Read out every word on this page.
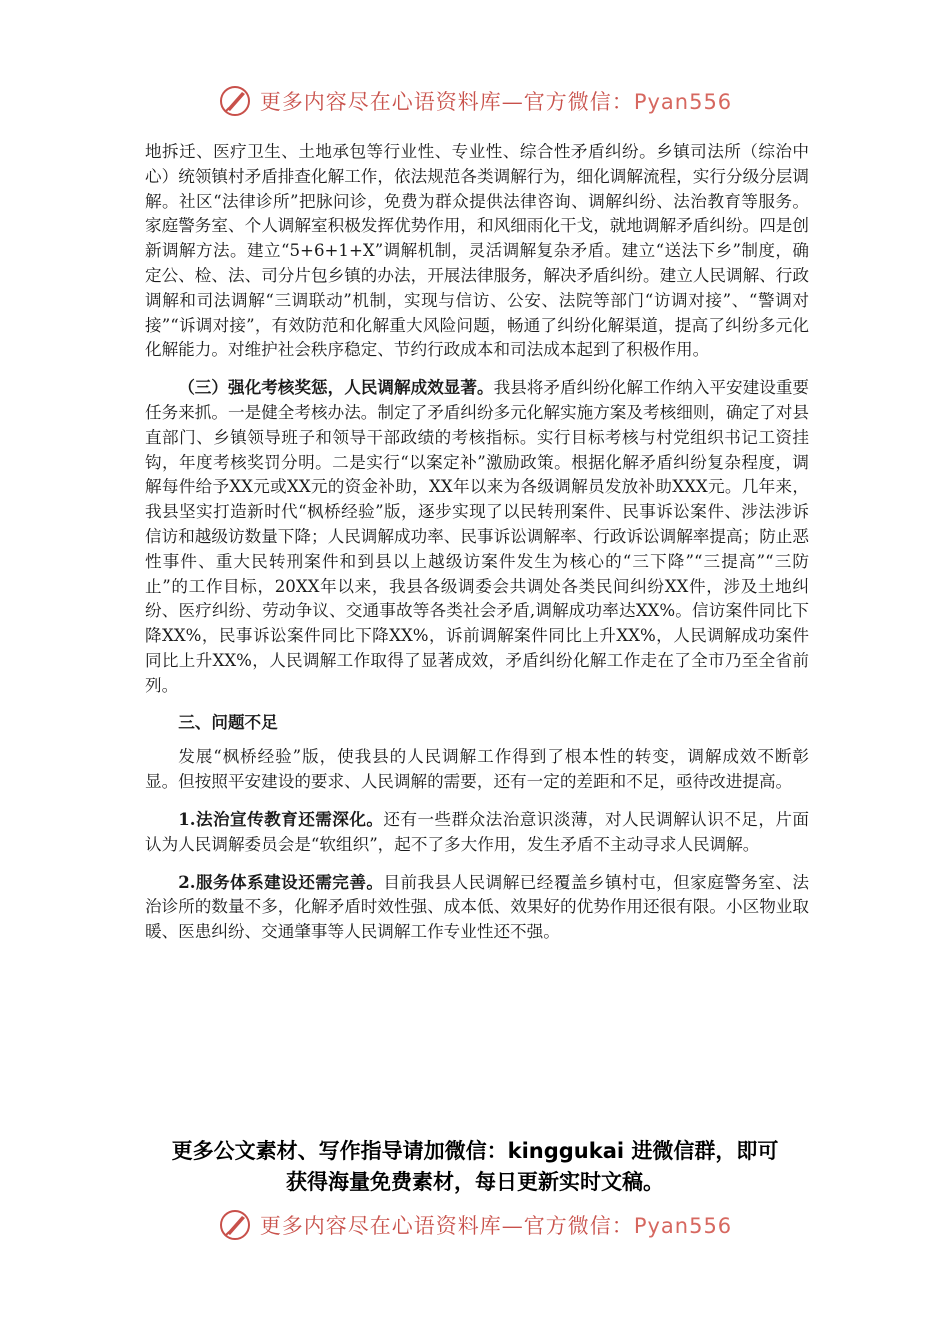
更多内容尽在心语资料库—官方微信：Pyan556

地拆迁、医疗卫生、土地承包等行业性、专业性、综合性矛盾纠纷。乡镇司法所（综治中心）统领镇村矛盾排查化解工作，依法规范各类调解行为，细化调解流程，实行分级分层调解。社区“法律诊所”把脉问诊，免费为群众提供法律咨询、调解纠纷、法治教育等服务。家庭警务室、个人调解室积极发挥优势作用，和风细雨化干戈，就地调解矛盾纠纷。四是创新调解方法。建立“5+6+1+X”调解机制，灵活调解复杂矛盾。建立“送法下乡”制度，确定公、检、法、司分片包乡镇的办法，开展法律服务，解决矛盾纠纷。建立人民调解、行政调解和司法调解“三调联动”机制，实现与信访、公安、法院等部门“访调对接”、“警调对接”“诉调对接”，有效防范和化解重大风险问题，畅通了纠纷化解渠道，提高了纠纷多元化化解能力。对维护社会秩序稳定、节约行政成本和司法成本起到了积极作用。

（三）强化考核奖惩，人民调解成效显著。我县将矛盾纠纷化解工作纳入平安建设重要任务来抓。一是健全考核办法。制定了矛盾纠纷多元化解实施方案及考核细则，确定了对县直部门、乡镇领导班子和领导干部政绩的考核指标。实行目标考核与村党组织书记工资挂钩，年度考核奖罚分明。二是实行“以案定补”激励政策。根据化解矛盾纠纷复杂程度，调解每件给予XX元或XX元的资金补助，XX年以来为各级调解员发放补助XXX元。几年来，我县坚实打造新时代“枫桥经验”版，逐步实现了以民转刑案件、民事诉讼案件、涉法涉诉信访和越级访数量下降；人民调解成功率、民事诉讼调解率、行政诉讼调解率提高；防止恶性事件、重大民转刑案件和到县以上越级访案件发生为核心的“三下降”“三提高”“三防止”的工作目标，20XX年以来，我县各级调委会共调处各类民间纠纷XX件，涉及土地纠纷、医疗纠纷、劳动争议、交通事故等各类社会矛盾,调解成功率达XX%。信访案件同比下降XX%，民事诉讼案件同比下降XX%，诉前调解案件同比上升XX%，人民调解成功案件同比上升XX%，人民调解工作取得了显著成效，矛盾纠纷化解工作走在了全市乃至全省前列。

三、问题不足

发展“枫桥经验”版，使我县的人民调解工作得到了根本性的转变，调解成效不断彰显。但按照平安建设的要求、人民调解的需要，还有一定的差距和不足，亟待改进提高。

1.法治宣传教育还需深化。还有一些群众法治意识淡薄，对人民调解认识不足，片面认为人民调解委员会是“软组织”，起不了多大作用，发生矛盾不主动寻求人民调解。

2.服务体系建设还需完善。目前我县人民调解已经覆盖乡镇村屯，但家庭警务室、法治诊所的数量不多，化解矛盾时效性强、成本低、效果好的优势作用还很有限。小区物业取暖、医患纠纷、交通肇事等人民调解工作专业性还不强。

更多公文素材、写作指导请加微信：kinggukai 进微信群，即可
获得海量免费素材，每日更新实时文稿。
更多内容尽在心语资料库—官方微信：Pyan556
